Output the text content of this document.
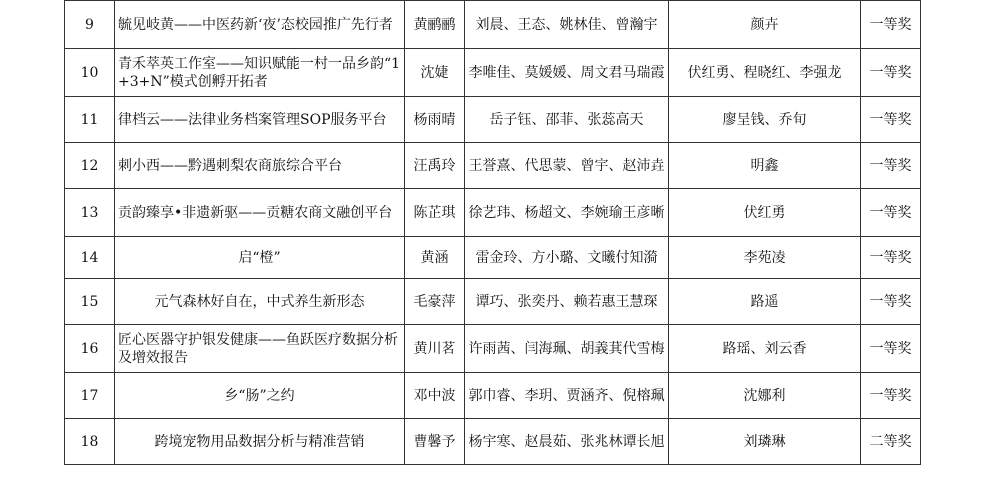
9	毓见岐黄——中医药新‘夜’态校园推广先行者	黄鹂鹂	刘晨、王态、姚林佳、曾瀚宇	颜卉	一等奖
10	青禾萃英工作室——知识赋能一村一品乡韵“1+3+N”模式创孵开拓者	沈婕	李唯佳、莫媛媛、周文君马瑞霞	伏红勇、程晓红、李强龙	一等奖
11	律档云——法律业务档案管理SOP服务平台	杨雨晴	岳子钰、邵菲、张蕊高天	廖呈钱、乔旬	一等奖
12	刺小西——黔遇刺梨农商旅综合平台	汪禹玲	王誉熹、代思蒙、曾宇、赵沛垚	明鑫	一等奖
13	贡韵臻享•非遗新驱——贡糖农商文融创平台	陈芷琪	徐艺玮、杨超文、李婉瑜王彦晰	伏红勇	一等奖
14	启“橙”	黄涵	雷金玲、方小璐、文曦付知漪	李苑凌	一等奖
15	元气森林好自在，中式养生新形态	毛豪萍	谭巧、张奕丹、赖若惠王慧琛	路遥	一等奖
16	匠心医器守护银发健康——鱼跃医疗数据分析及增效报告	黄川茗	许雨茜、闫海珮、胡義萁代雪梅	路瑶、刘云香	一等奖
17	乡“肠”之约	邓中波	郭巾睿、李玥、贾涵齐、倪榕珮	沈娜利	一等奖
18	跨境宠物用品数据分析与精准营销	曹馨予	杨宇寒、赵晨茹、张兆林谭长旭	刘璘琳	二等奖
